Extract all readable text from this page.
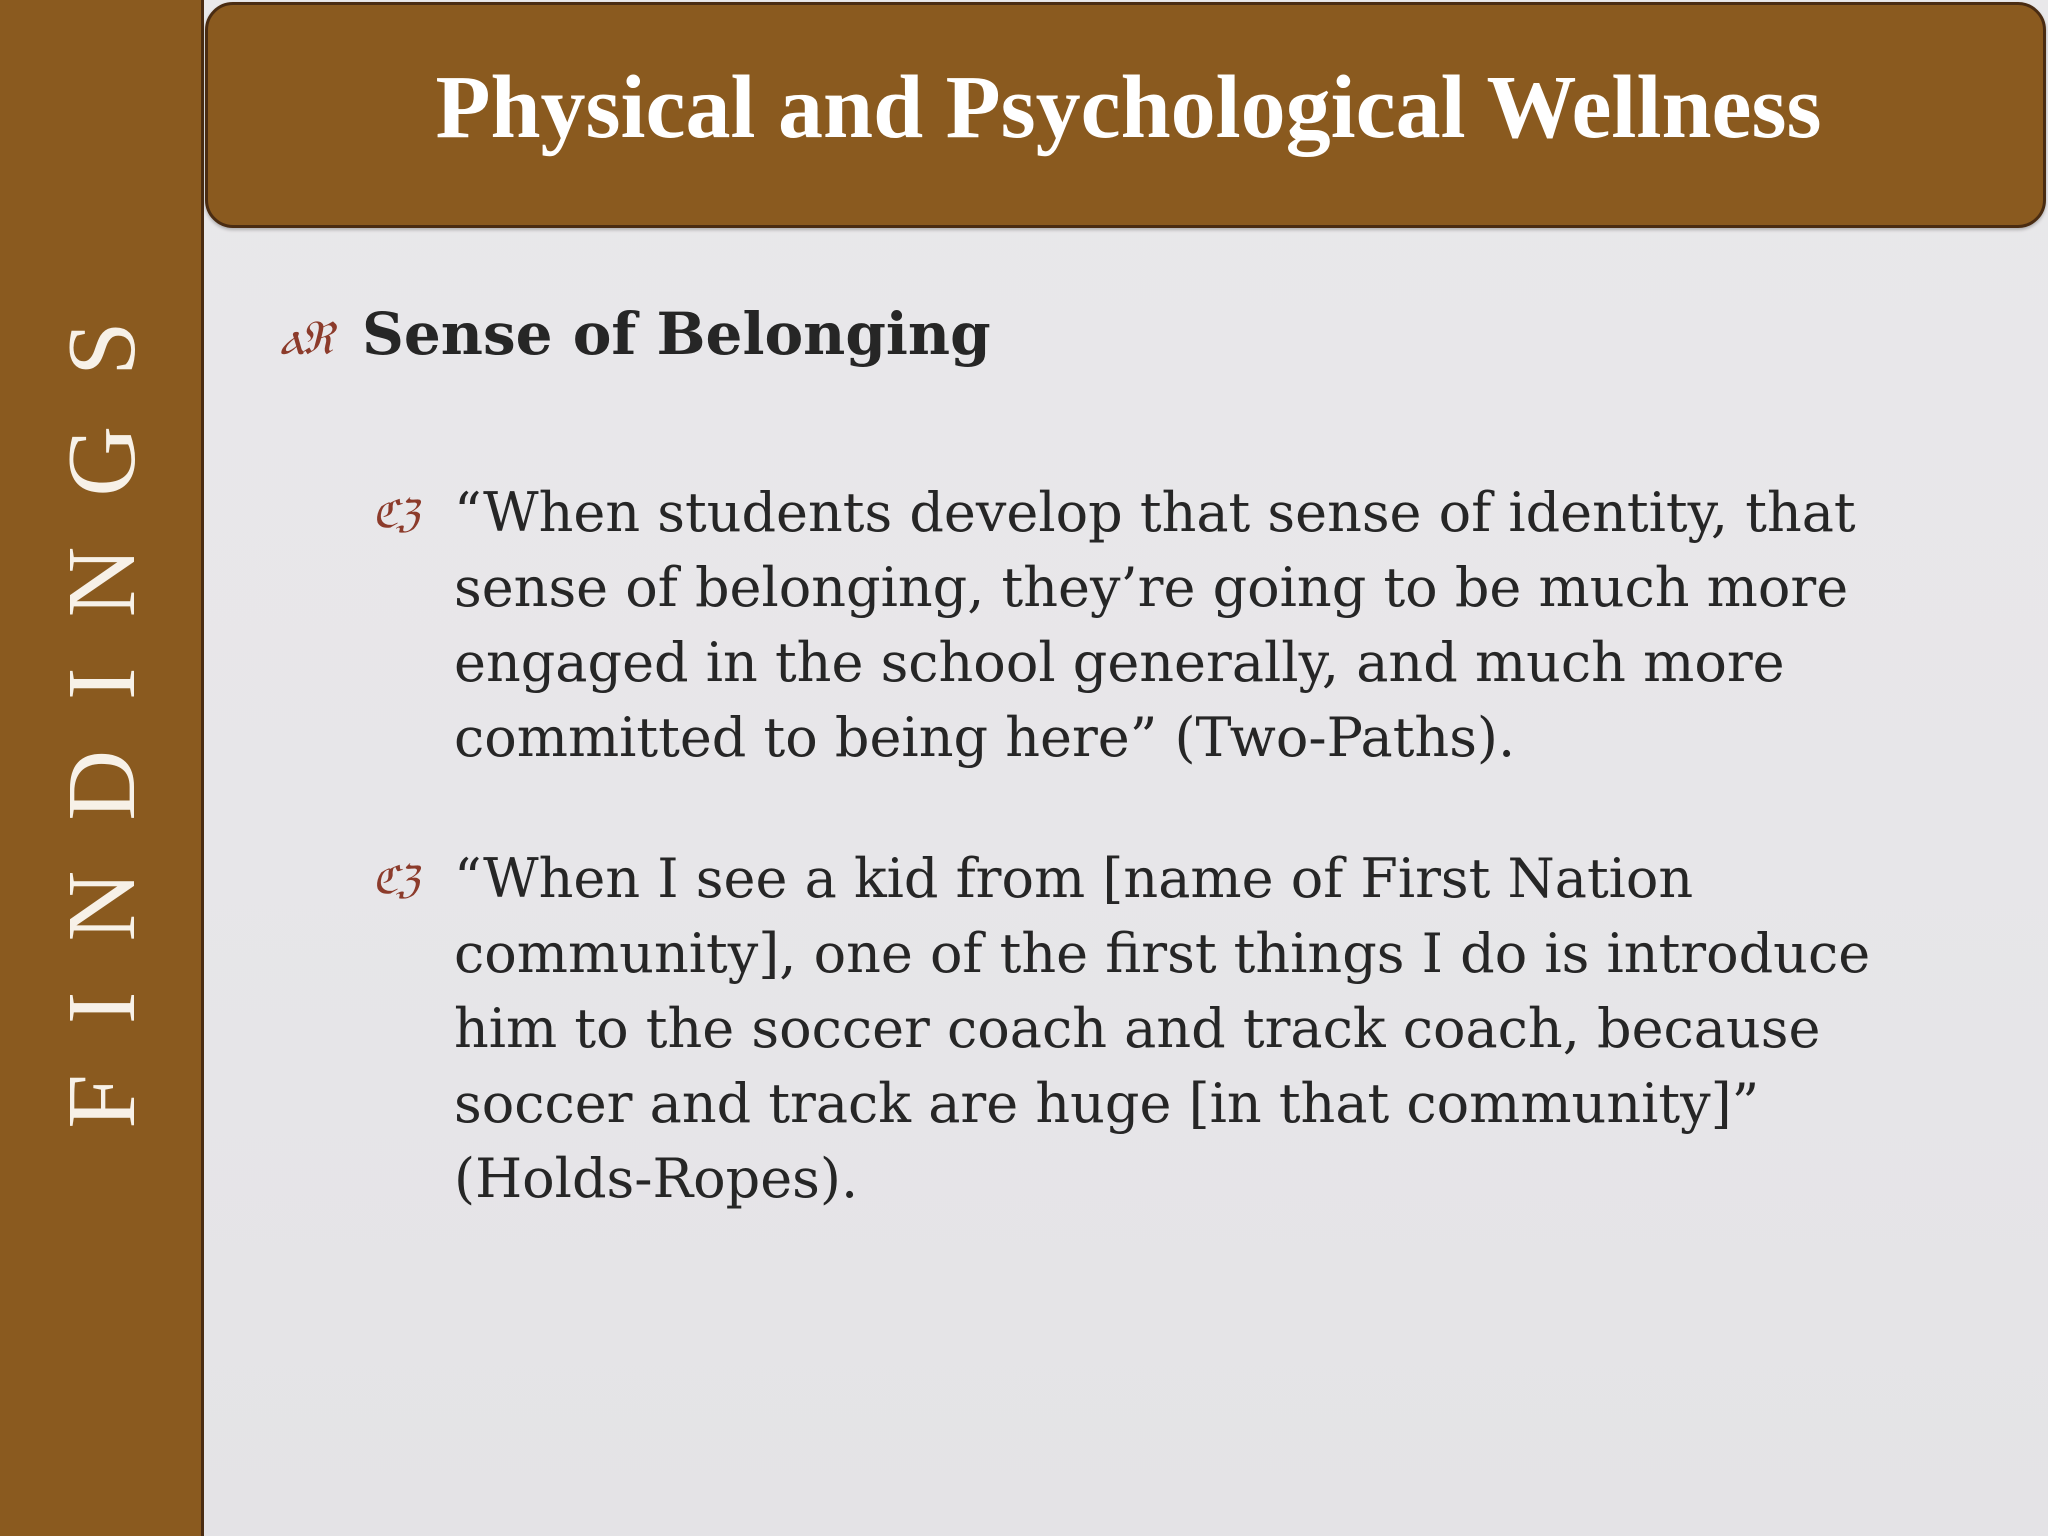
FINDINGS
Physical and Psychological Wellness
ⲁℜ Sense of Belonging
ℭℨ “When students develop that sense of identity, that
sense of belonging, they’re going to be much more
engaged in the school generally, and much more
committed to being here” (Two-Paths).
ℭℨ “When I see a kid from [name of First Nation
community], one of the first things I do is introduce
him to the soccer coach and track coach, because
soccer and track are huge [in that community]”
(Holds-Ropes).
